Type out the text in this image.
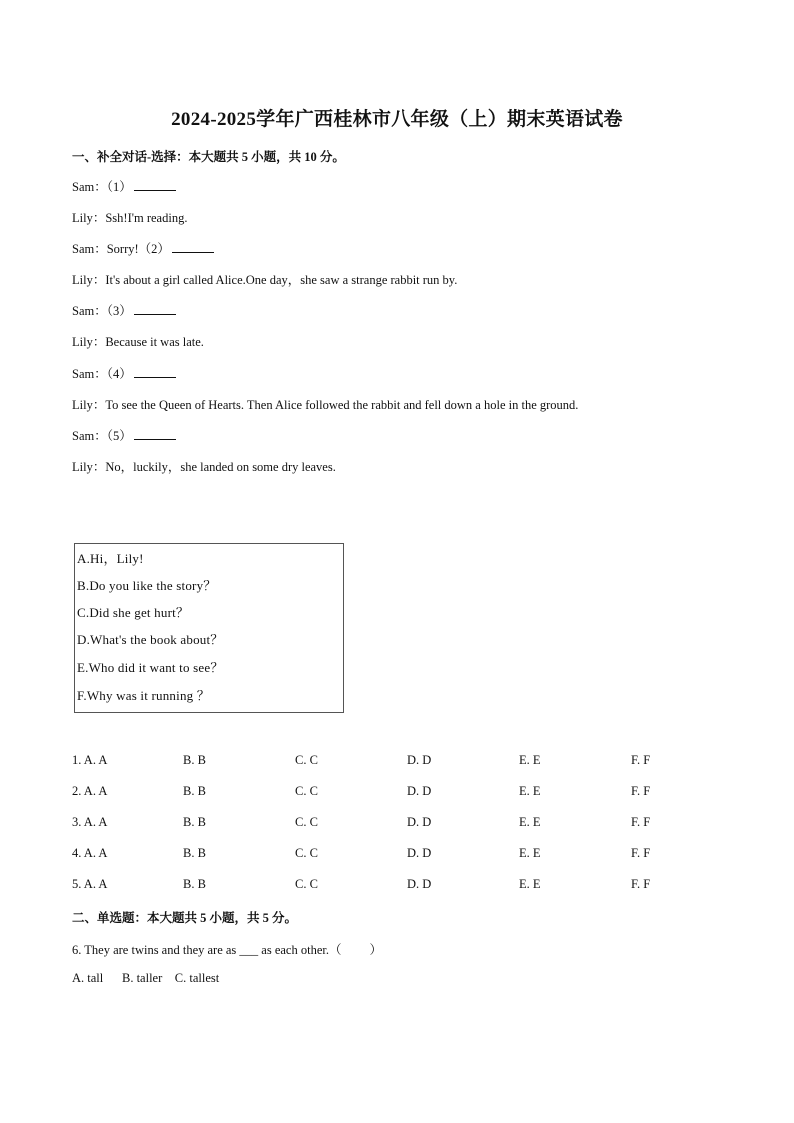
2024-2025学年广西桂林市八年级（上）期末英语试卷
一、补全对话-选择：本大题共 5 小题，共 10 分。
Sam：（1）
Lily：Ssh!I'm reading.
Sam：Sorry!（2）
Lily：It's about a girl called Alice.One day，she saw a strange rabbit run by.
Sam：（3）
Lily：Because it was late.
Sam：（4）
Lily：To see the Queen of Hearts. Then Alice followed the rabbit and fell down a hole in the ground.
Sam：（5）
Lily：No，luckily，she landed on some dry leaves.
A.Hi，Lily!
B.Do you like the story？
C.Did she get hurt？
D.What's the book about？
E.Who did it want to see？
F.Why was it running ？
1. A. A	B. B	C. C	D. D	E. E	F. F
2. A. A	B. B	C. C	D. D	E. E	F. F
3. A. A	B. B	C. C	D. D	E. E	F. F
4. A. A	B. B	C. C	D. D	E. E	F. F
5. A. A	B. B	C. C	D. D	E. E	F. F
二、单选题：本大题共 5 小题，共 5 分。
6. They are twins and they are as ___ as each other.（ ）
A. tall      B. taller    C. tallest
